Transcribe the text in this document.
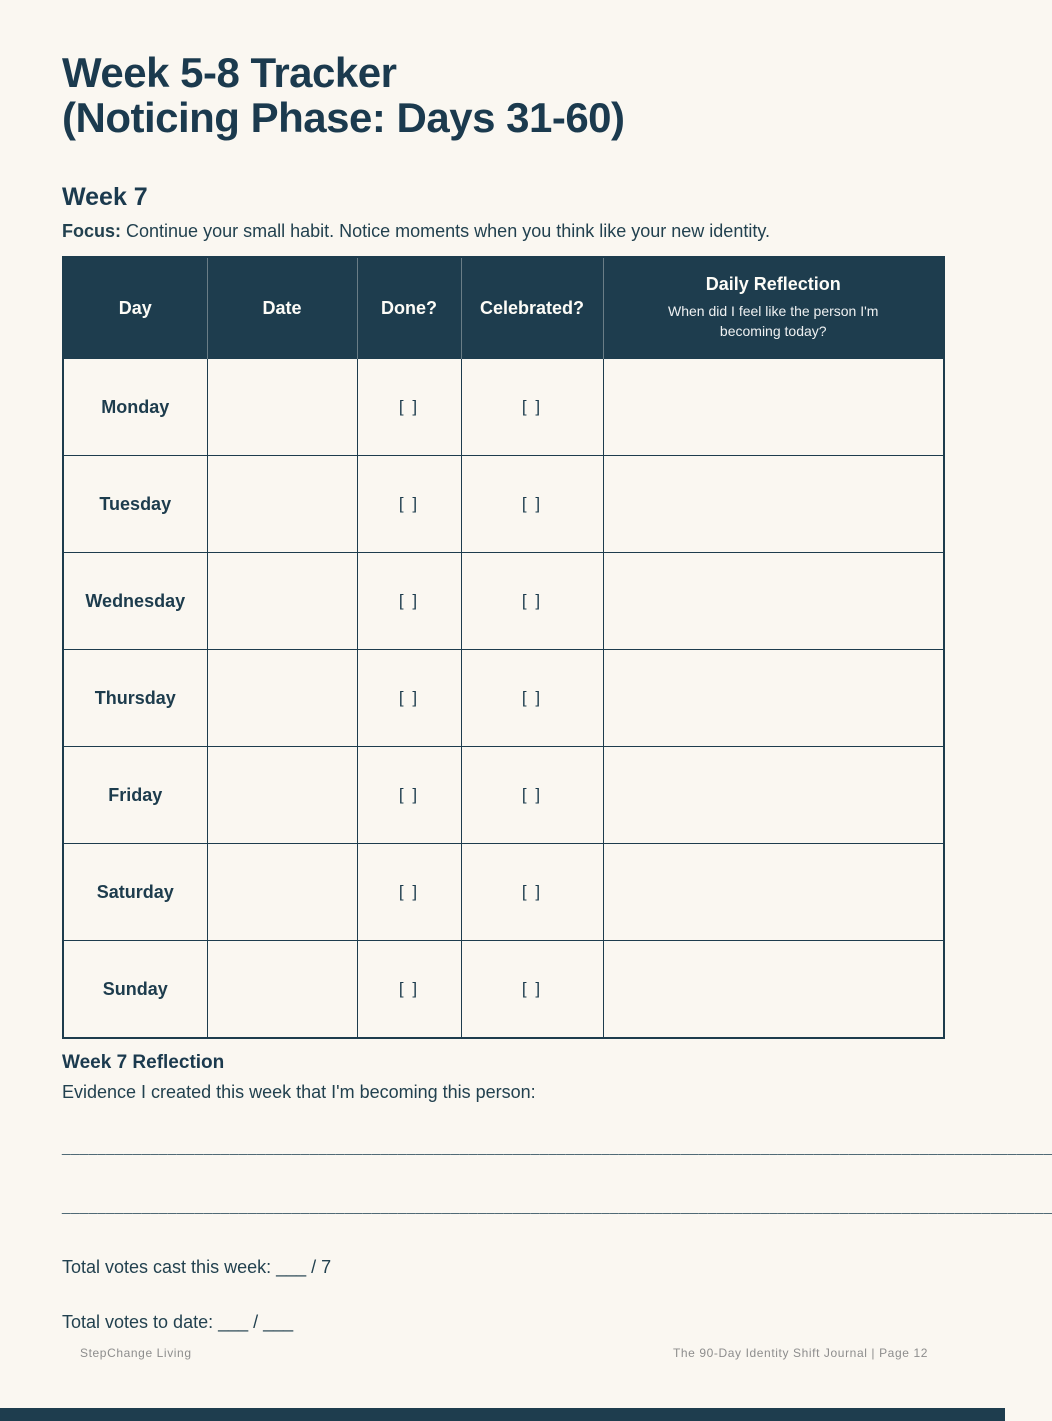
Week 5-8 Tracker
(Noticing Phase: Days 31-60)
Week 7

Focus: Continue your small habit. Notice moments when you think like your new identity.

Day	Date	Done?	Celebrated?	Daily Reflection
When did I feel like the person I'm becoming today?

Monday		[ ]	[ ]	
Tuesday		[ ]	[ ]	
Wednesday		[ ]	[ ]	
Thursday		[ ]	[ ]	
Friday		[ ]	[ ]	
Saturday		[ ]	[ ]	
Sunday		[ ]	[ ]	
Week 7 Reflection

Evidence I created this week that I'm becoming this person:

________________________________________________________________________________________________________________
________________________________________________________________________________________________________________

Total votes cast this week: ___ / 7

Total votes to date: ___ / ___

StepChange Living	The 90-Day Identity Shift Journal | Page 12
